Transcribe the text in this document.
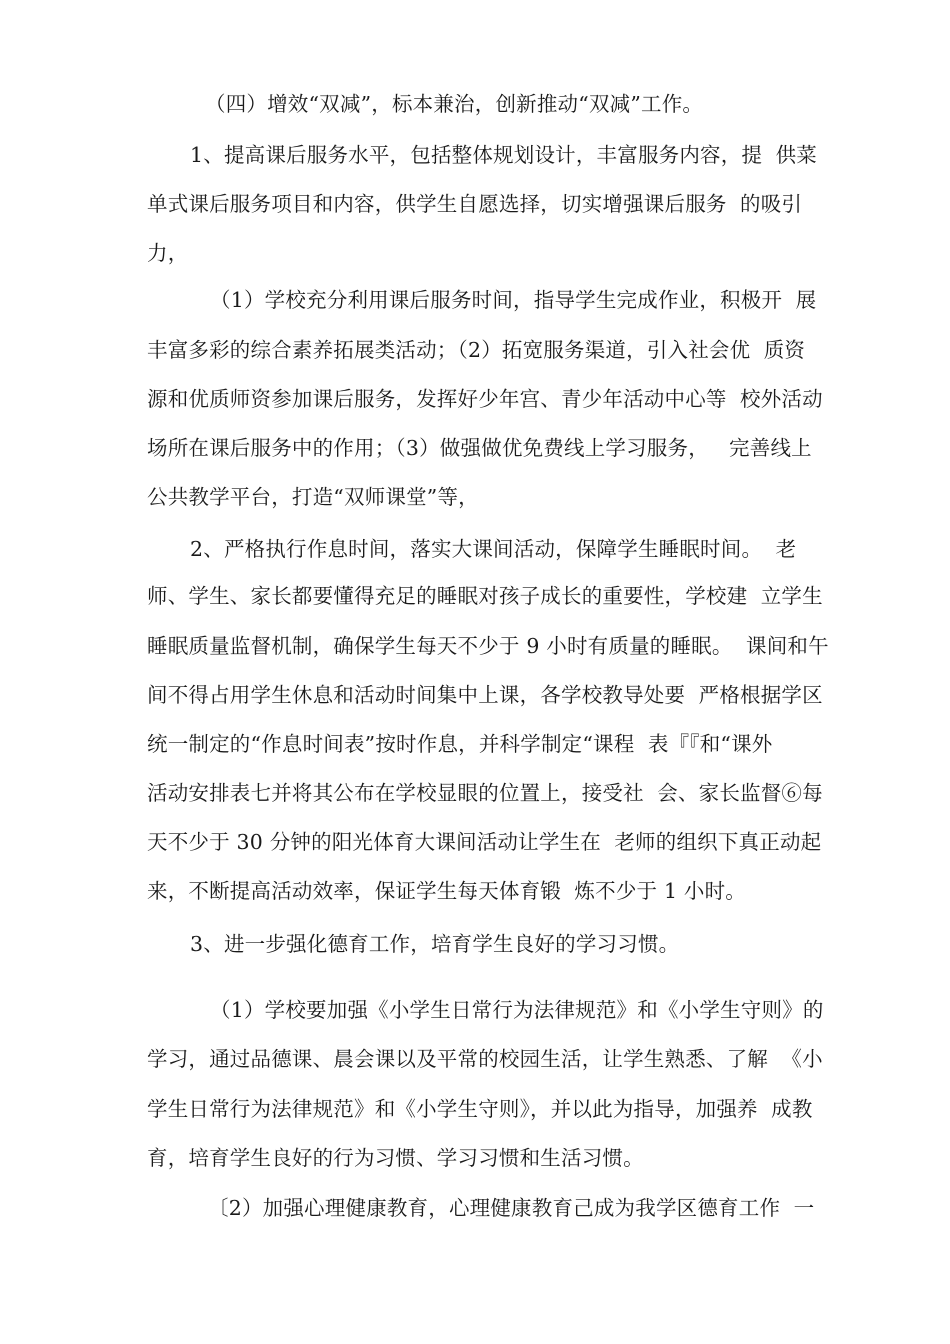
（四）增效“双减”，标本兼治，创新推动“双减”工作。
1、提高课后服务水平，包括整体规划设计，丰富服务内容，提  供菜
单式课后服务项目和内容，供学生自愿选择，切实增强课后服务  的吸引
力，
（1）学校充分利用课后服务时间，指导学生完成作业，积极开  展
丰富多彩的综合素养拓展类活动；（2）拓宽服务渠道，引入社会优  质资
源和优质师资参加课后服务，发挥好少年宫、青少年活动中心等  校外活动
场所在课后服务中的作用；（3）做强做优免费线上学习服务，   完善线上
公共教学平台，打造“双师课堂”等，
2、严格执行作息时间，落实大课间活动，保障学生睡眠时间。  老
师、学生、家长都要懂得充足的睡眠对孩子成长的重要性，学校建  立学生
睡眠质量监督机制，确保学生每天不少于 9 小时有质量的睡眠。  课间和午
间不得占用学生休息和活动时间集中上课，各学校教导处要  严格根据学区
统一制定的“作息时间表”按时作息，并科学制定“课程  表『『和“课外
活动安排表七并将其公布在学校显眼的位置上，接受社  会、家长监督⑥每
天不少于 30 分钟的阳光体育大课间活动让学生在  老师的组织下真正动起
来，不断提高活动效率，保证学生每天体育锻  炼不少于 1 小时。
3、进一步强化德育工作，培育学生良好的学习习惯。
（1）学校要加强《小学生日常行为法律规范》和《小学生守则》的
学习，通过品德课、晨会课以及平常的校园生活，让学生熟悉、了解  《小
学生日常行为法律规范》和《小学生守则》，并以此为指导，加强养  成教
育，培育学生良好的行为习惯、学习习惯和生活习惯。
〔2）加强心理健康教育，心理健康教育己成为我学区德育工作  一
